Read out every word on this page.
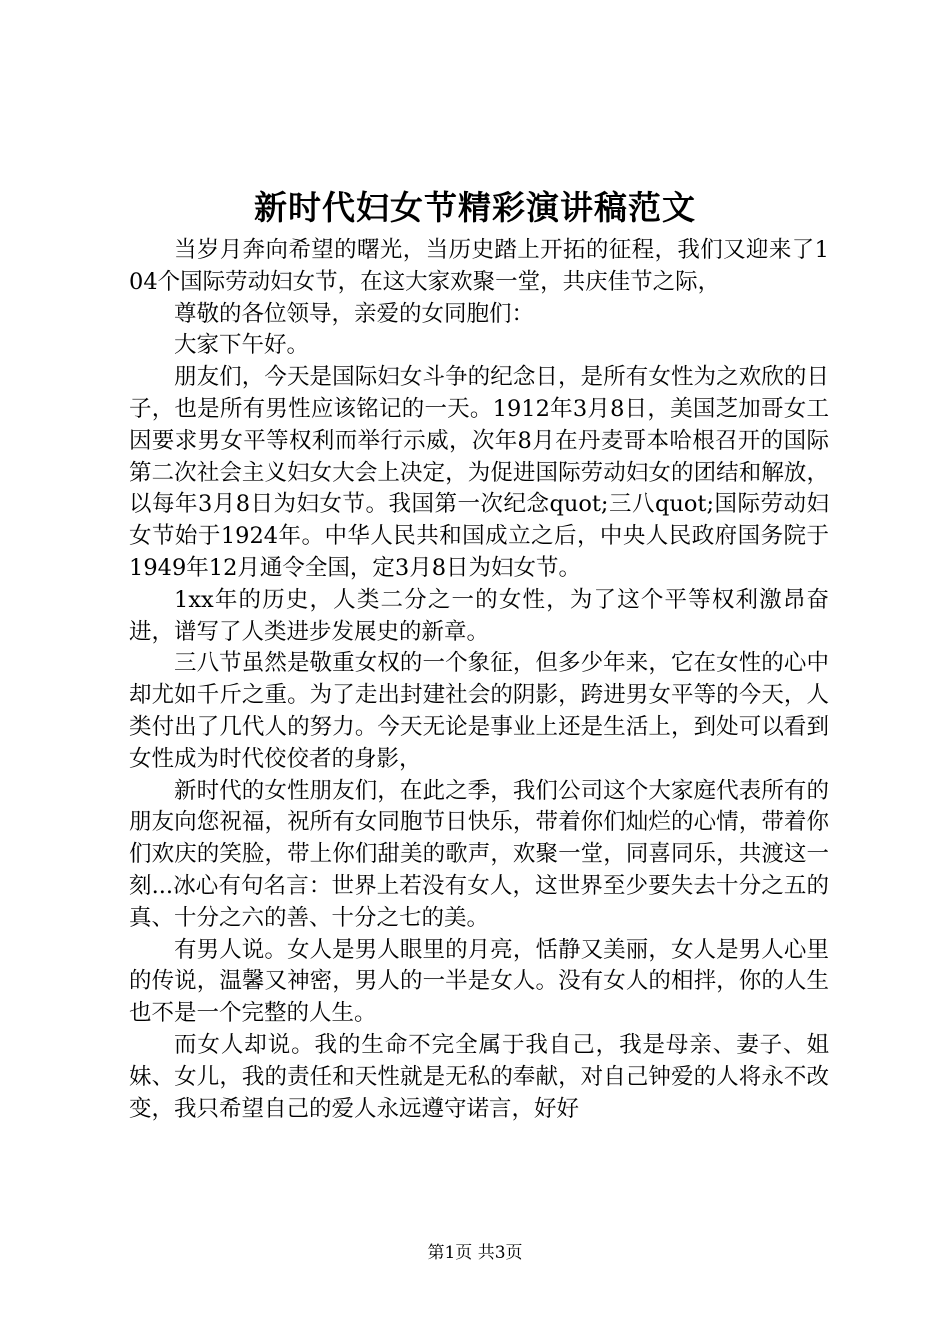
新时代妇女节精彩演讲稿范文

当岁月奔向希望的曙光，当历史踏上开拓的征程，我们又迎来了104个国际劳动妇女节，在这大家欢聚一堂，共庆佳节之际，

尊敬的各位领导，亲爱的女同胞们：

大家下午好。

朋友们，今天是国际妇女斗争的纪念日，是所有女性为之欢欣的日子，也是所有男性应该铭记的一天。1912年3月8日，美国芝加哥女工因要求男女平等权利而举行示威，次年8月在丹麦哥本哈根召开的国际第二次社会主义妇女大会上决定，为促进国际劳动妇女的团结和解放，以每年3月8日为妇女节。我国第一次纪念quot;三八quot;国际劳动妇女节始于1924年。中华人民共和国成立之后，中央人民政府国务院于1949年12月通令全国，定3月8日为妇女节。

1xx年的历史，人类二分之一的女性，为了这个平等权利激昂奋进，谱写了人类进步发展史的新章。

三八节虽然是敬重女权的一个象征，但多少年来，它在女性的心中却尤如千斤之重。为了走出封建社会的阴影，跨进男女平等的今天，人类付出了几代人的努力。今天无论是事业上还是生活上，到处可以看到女性成为时代佼佼者的身影，

新时代的女性朋友们，在此之季，我们公司这个大家庭代表所有的朋友向您祝福，祝所有女同胞节日快乐，带着你们灿烂的心情，带着你们欢庆的笑脸，带上你们甜美的歌声，欢聚一堂，同喜同乐，共渡这一刻...冰心有句名言：世界上若没有女人，这世界至少要失去十分之五的真、十分之六的善、十分之七的美。

有男人说。女人是男人眼里的月亮，恬静又美丽，女人是男人心里的传说，温馨又神密，男人的一半是女人。没有女人的相拌，你的人生也不是一个完整的人生。

而女人却说。我的生命不完全属于我自己，我是母亲、妻子、姐妹、女儿，我的责任和天性就是无私的奉献，对自己钟爱的人将永不改变，我只希望自己的爱人永远遵守诺言，好好

第1页 共3页
